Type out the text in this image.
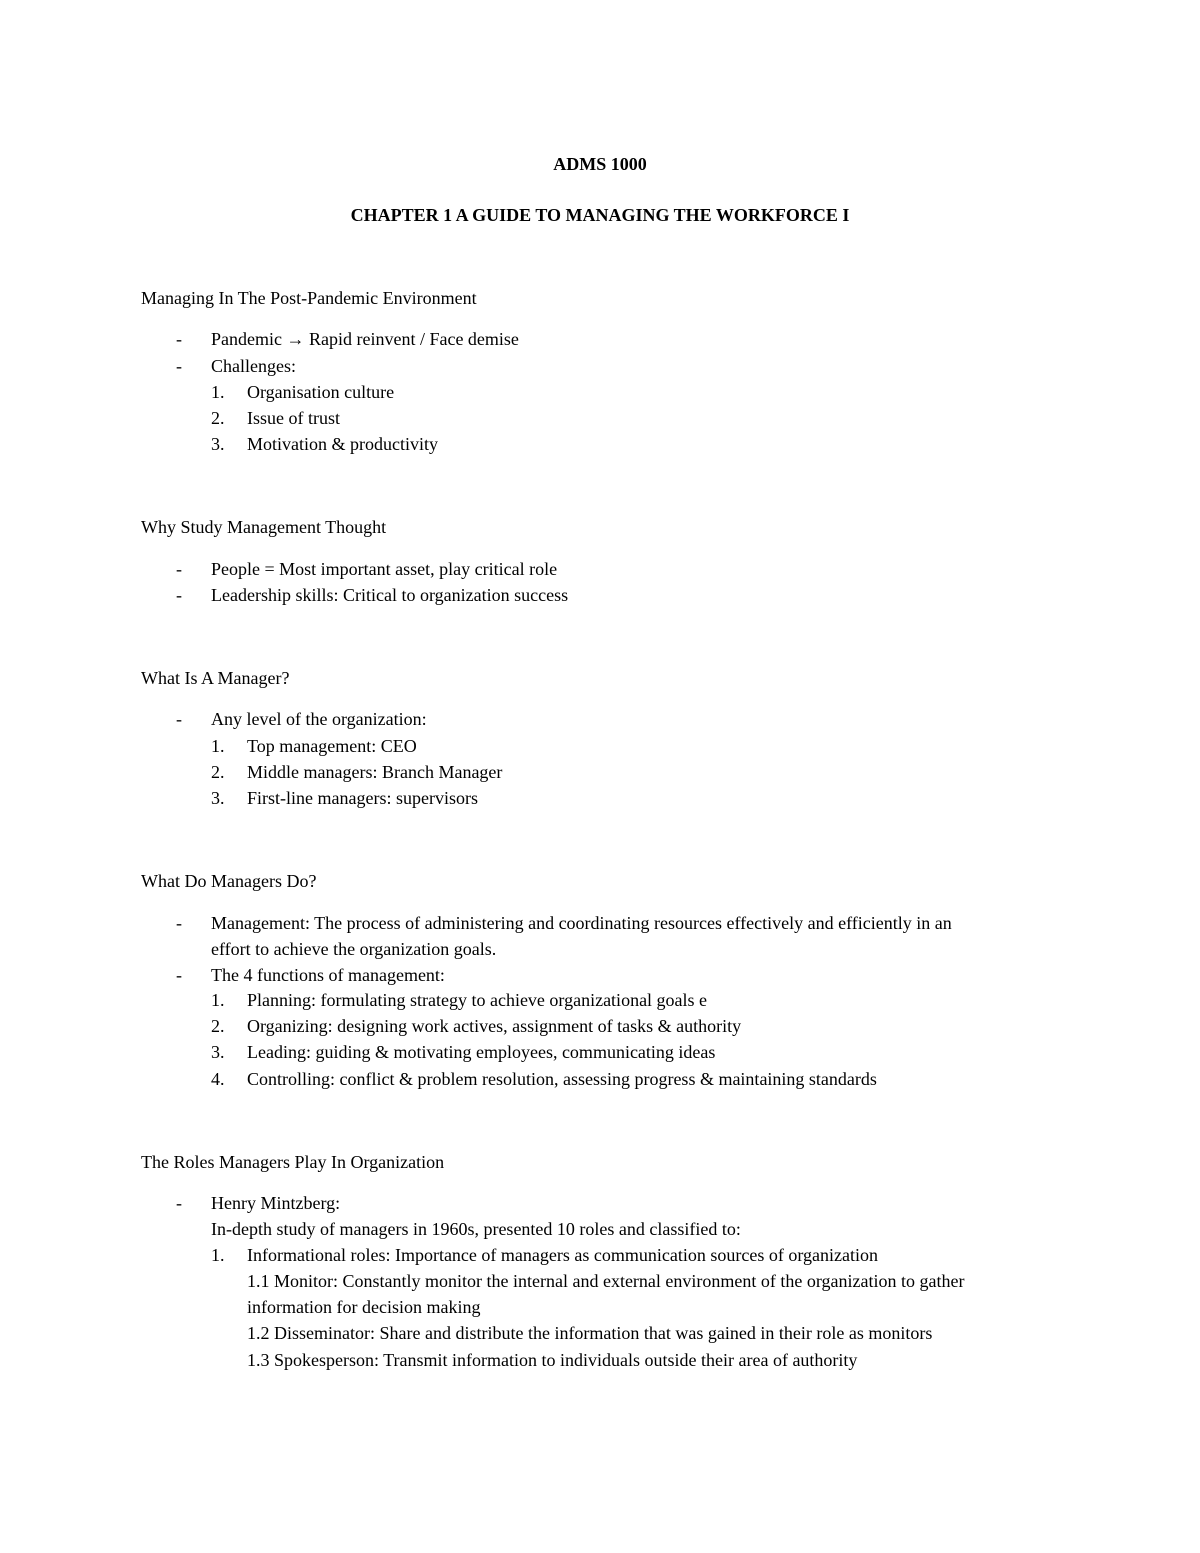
ADMS 1000
CHAPTER 1 A GUIDE TO MANAGING THE WORKFORCE I
Managing In The Post-Pandemic Environment
- Pandemic → Rapid reinvent / Face demise
- Challenges:
1. Organisation culture
2. Issue of trust
3. Motivation & productivity
Why Study Management Thought
- People = Most important asset, play critical role
- Leadership skills: Critical to organization success
What Is A Manager?
- Any level of the organization:
1. Top management: CEO
2. Middle managers: Branch Manager
3. First-line managers: supervisors
What Do Managers Do?
- Management: The process of administering and coordinating resources effectively and efficiently in an
effort to achieve the organization goals.
- The 4 functions of management:
1. Planning: formulating strategy to achieve organizational goals e
2. Organizing: designing work actives, assignment of tasks & authority
3. Leading: guiding & motivating employees, communicating ideas
4. Controlling: conflict & problem resolution, assessing progress & maintaining standards
The Roles Managers Play In Organization
- Henry Mintzberg:
In-depth study of managers in 1960s, presented 10 roles and classified to:
1. Informational roles: Importance of managers as communication sources of organization
1.1 Monitor: Constantly monitor the internal and external environment of the organization to gather
information for decision making
1.2 Disseminator: Share and distribute the information that was gained in their role as monitors
1.3 Spokesperson: Transmit information to individuals outside their area of authority
